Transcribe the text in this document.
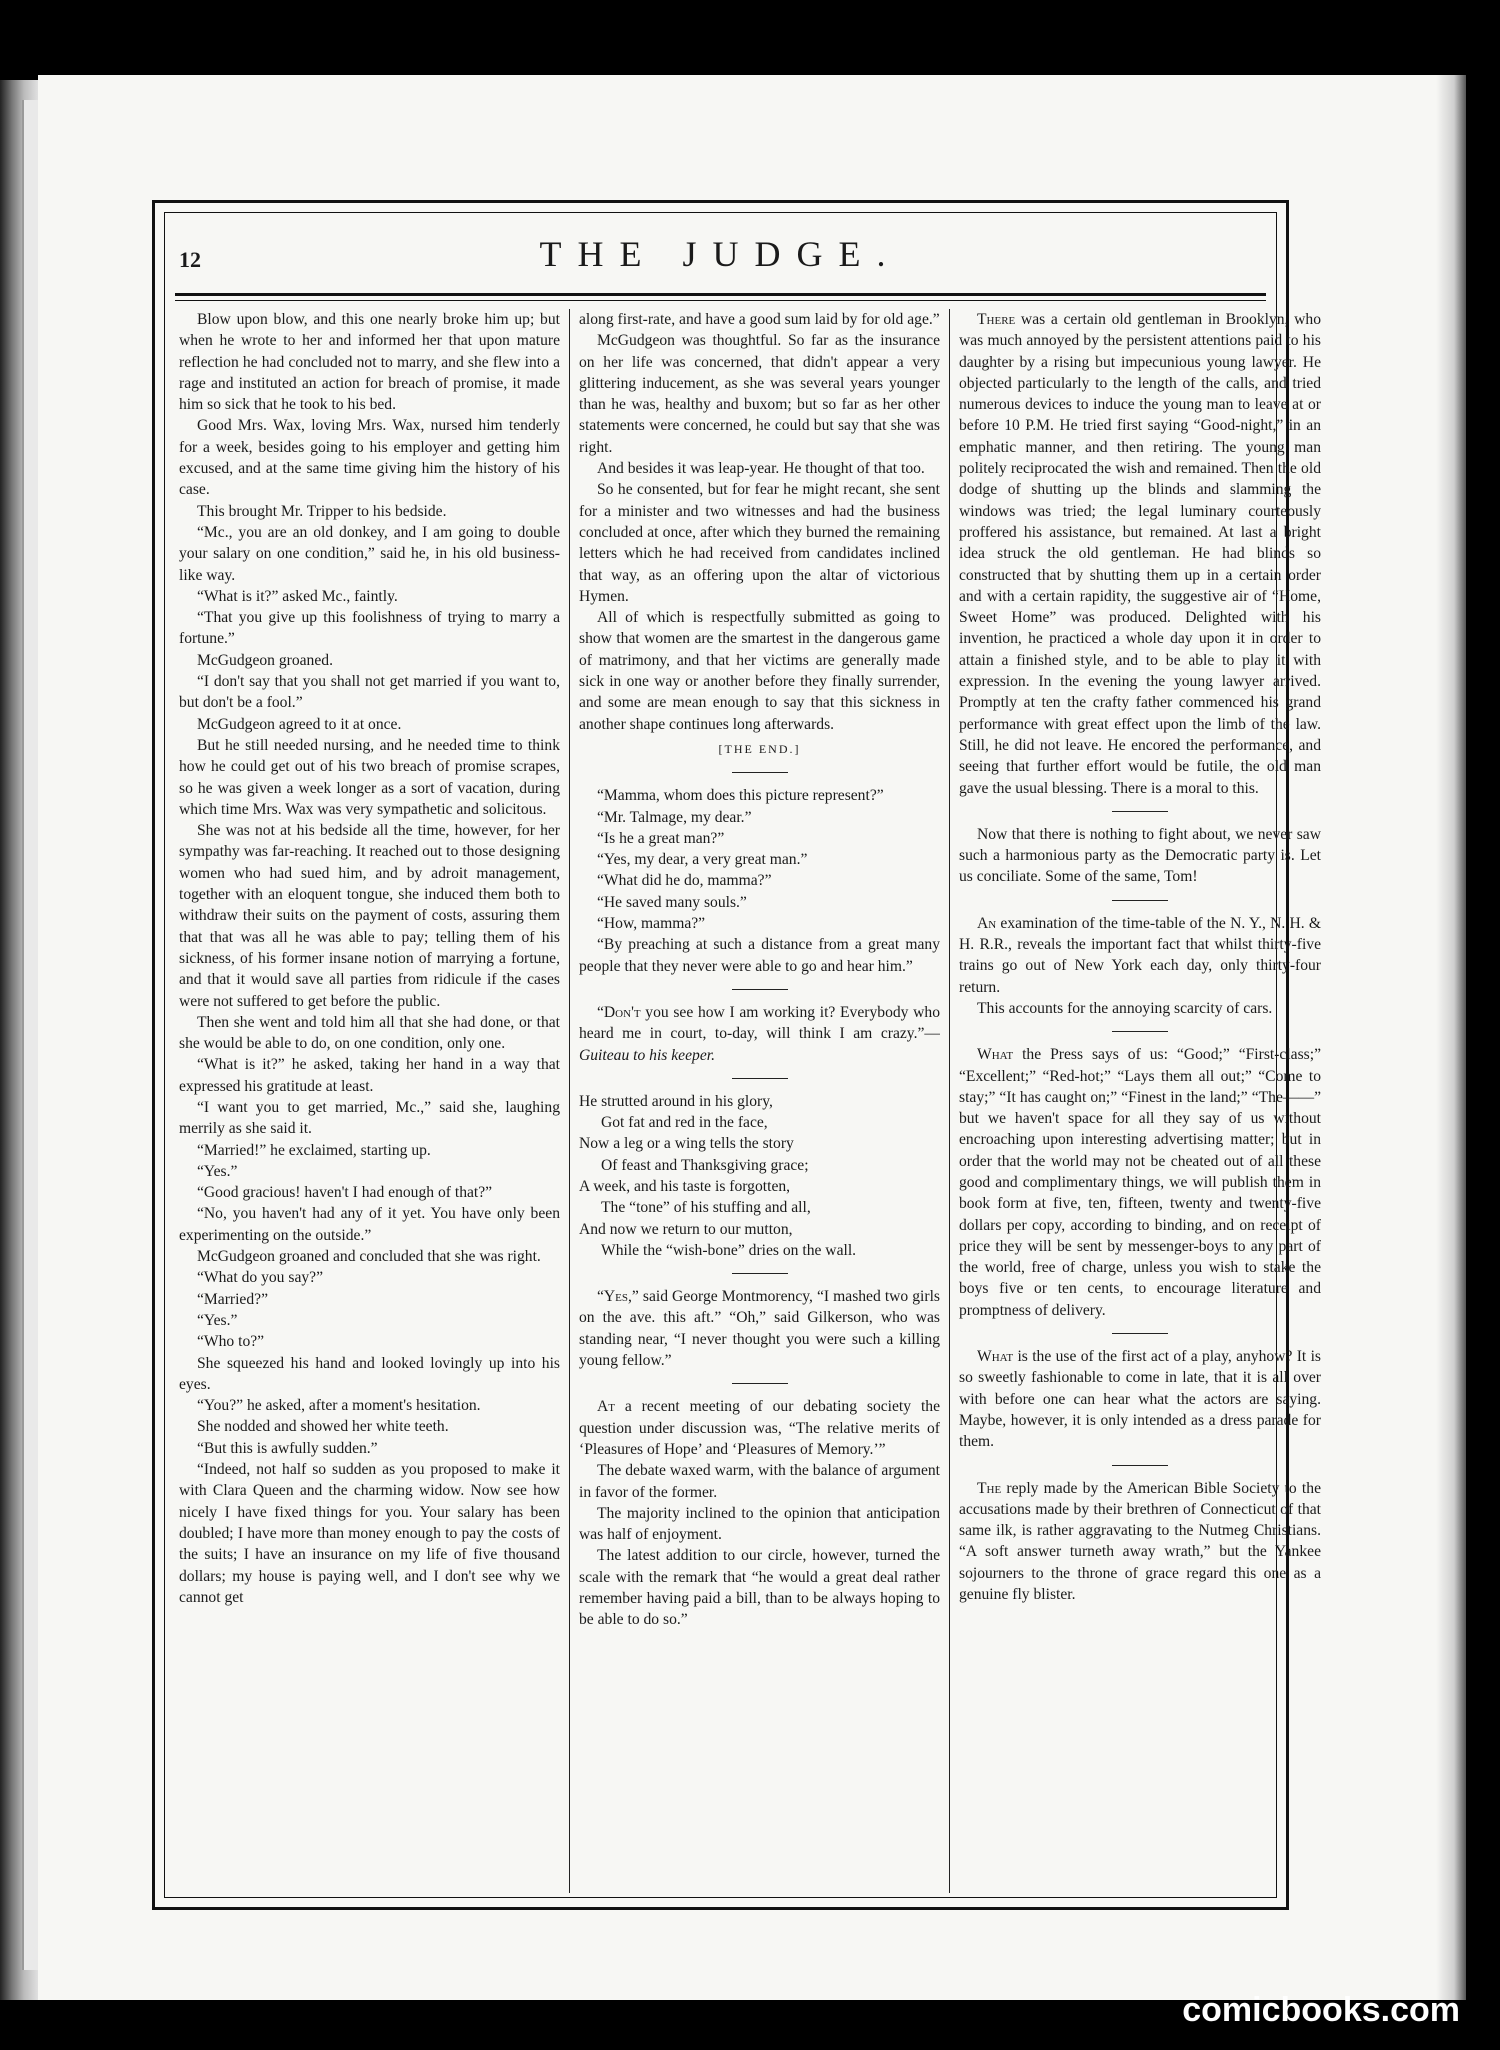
12	THE JUDGE.

Blow upon blow, and this one nearly broke him up; but when he wrote to her and informed her that upon mature reflection he had concluded not to marry, and she flew into a rage and instituted an action for breach of promise, it made him so sick that he took to his bed.

Good Mrs. Wax, loving Mrs. Wax, nursed him tenderly for a week, besides going to his employer and getting him excused, and at the same time giving him the history of his case.

This brought Mr. Tripper to his bedside.

“Mc., you are an old donkey, and I am going to double your salary on one condition,” said he, in his old business-like way.

“What is it?” asked Mc., faintly.

“That you give up this foolishness of trying to marry a fortune.”

McGudgeon groaned.

“I don't say that you shall not get married if you want to, but don't be a fool.”

McGudgeon agreed to it at once.

But he still needed nursing, and he needed time to think how he could get out of his two breach of promise scrapes, so he was given a week longer as a sort of vacation, during which time Mrs. Wax was very sympathetic and solicitous.

She was not at his bedside all the time, however, for her sympathy was far-reaching. It reached out to those designing women who had sued him, and by adroit management, together with an eloquent tongue, she induced them both to withdraw their suits on the payment of costs, assuring them that that was all he was able to pay; telling them of his sickness, of his former insane notion of marrying a fortune, and that it would save all parties from ridicule if the cases were not suffered to get before the public.

Then she went and told him all that she had done, or that she would be able to do, on one condition, only one.

“What is it?” he asked, taking her hand in a way that expressed his gratitude at least.

“I want you to get married, Mc.,” said she, laughing merrily as she said it.

“Married!” he exclaimed, starting up.

“Yes.”

“Good gracious! haven't I had enough of that?”

“No, you haven't had any of it yet. You have only been experimenting on the outside.”

McGudgeon groaned and concluded that she was right.

“What do you say?”

“Married?”

“Yes.”

“Who to?”

She squeezed his hand and looked lovingly up into his eyes.

“You?” he asked, after a moment's hesitation.

She nodded and showed her white teeth.

“But this is awfully sudden.”

“Indeed, not half so sudden as you proposed to make it with Clara Queen and the charming widow. Now see how nicely I have fixed things for you. Your salary has been doubled; I have more than money enough to pay the costs of the suits; I have an insurance on my life of five thousand dollars; my house is paying well, and I don't see why we cannot get

along first-rate, and have a good sum laid by for old age.”

McGudgeon was thoughtful. So far as the insurance on her life was concerned, that didn't appear a very glittering inducement, as she was several years younger than he was, healthy and buxom; but so far as her other statements were concerned, he could but say that she was right.

And besides it was leap-year. He thought of that too.

So he consented, but for fear he might recant, she sent for a minister and two witnesses and had the business concluded at once, after which they burned the remaining letters which he had received from candidates inclined that way, as an offering upon the altar of victorious Hymen.

All of which is respectfully submitted as going to show that women are the smartest in the dangerous game of matrimony, and that her victims are generally made sick in one way or another before they finally surrender, and some are mean enough to say that this sickness in another shape continues long afterwards.

[THE END.]

“Mamma, whom does this picture represent?”

“Mr. Talmage, my dear.”

“Is he a great man?”

“Yes, my dear, a very great man.”

“What did he do, mamma?”

“He saved many souls.”

“How, mamma?”

“By preaching at such a distance from a great many people that they never were able to go and hear him.”

“Don't you see how I am working it? Everybody who heard me in court, to-day, will think I am crazy.”—Guiteau to his keeper.

He strutted around in his glory,

Got fat and red in the face,

Now a leg or a wing tells the story

Of feast and Thanksgiving grace;

A week, and his taste is forgotten,

The “tone” of his stuffing and all,

And now we return to our mutton,

While the “wish-bone” dries on the wall.

“Yes,” said George Montmorency, “I mashed two girls on the ave. this aft.” “Oh,” said Gilkerson, who was standing near, “I never thought you were such a killing young fellow.”

At a recent meeting of our debating society the question under discussion was, “The relative merits of ‘Pleasures of Hope’ and ‘Pleasures of Memory.’”

The debate waxed warm, with the balance of argument in favor of the former.

The majority inclined to the opinion that anticipation was half of enjoyment.

The latest addition to our circle, however, turned the scale with the remark that “he would a great deal rather remember having paid a bill, than to be always hoping to be able to do so.”

There was a certain old gentleman in Brooklyn, who was much annoyed by the persistent attentions paid to his daughter by a rising but impecunious young lawyer. He objected particularly to the length of the calls, and tried numerous devices to induce the young man to leave at or before 10 P.M. He tried first saying “Good-night,” in an emphatic manner, and then retiring. The young man politely reciprocated the wish and remained. Then the old dodge of shutting up the blinds and slamming the windows was tried; the legal luminary courteously proffered his assistance, but remained. At last a bright idea struck the old gentleman. He had blinds so constructed that by shutting them up in a certain order and with a certain rapidity, the suggestive air of “Home, Sweet Home” was produced. Delighted with his invention, he practiced a whole day upon it in order to attain a finished style, and to be able to play it with expression. In the evening the young lawyer arrived. Promptly at ten the crafty father commenced his grand performance with great effect upon the limb of the law. Still, he did not leave. He encored the performance, and seeing that further effort would be futile, the old man gave the usual blessing. There is a moral to this.

Now that there is nothing to fight about, we never saw such a harmonious party as the Democratic party is. Let us conciliate. Some of the same, Tom!

An examination of the time-table of the N. Y., N. H. & H. R.R., reveals the important fact that whilst thirty-five trains go out of New York each day, only thirty-four return.

This accounts for the annoying scarcity of cars.

What the Press says of us: “Good;” “First-class;” “Excellent;” “Red-hot;” “Lays them all out;” “Come to stay;” “It has caught on;” “Finest in the land;” “The——” but we haven't space for all they say of us without encroaching upon interesting advertising matter; but in order that the world may not be cheated out of all these good and complimentary things, we will publish them in book form at five, ten, fifteen, twenty and twenty-five dollars per copy, according to binding, and on receipt of price they will be sent by messenger-boys to any part of the world, free of charge, unless you wish to stake the boys five or ten cents, to encourage literature and promptness of delivery.

What is the use of the first act of a play, anyhow? It is so sweetly fashionable to come in late, that it is all over with before one can hear what the actors are saying. Maybe, however, it is only intended as a dress parade for them.

The reply made by the American Bible Society to the accusations made by their brethren of Connecticut of that same ilk, is rather aggravating to the Nutmeg Christians. “A soft answer turneth away wrath,” but the Yankee sojourners to the throne of grace regard this one as a genuine fly blister.

comicbooks.com
